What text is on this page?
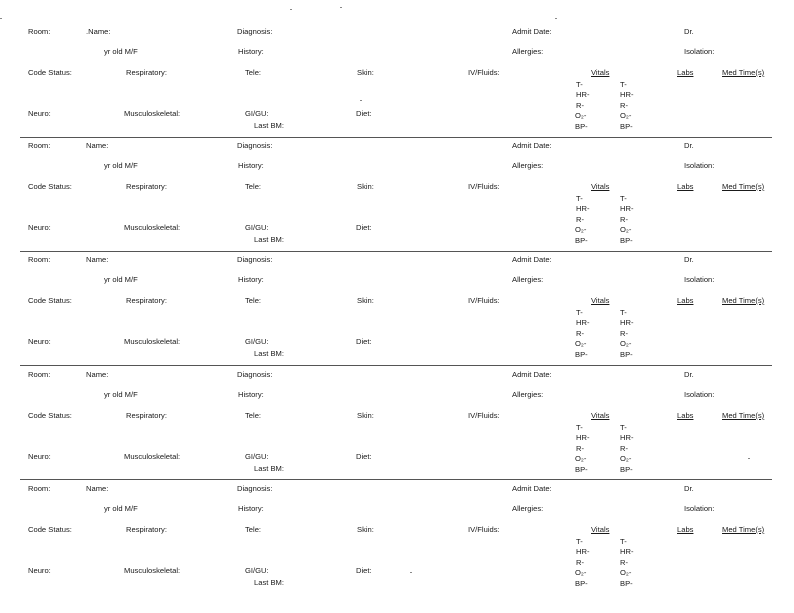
Room:	.Name:	Diagnosis:	Admit Date:	Dr.
yr old M/F	History:	Allergies:	Isolation:
Code Status:	Respiratory:	Tele:	Skin:	IV/Fluids:	Vitals	Labs	Med Time(s)
T-	T-
HR-	HR-
R-	R-
O₂-	O₂-
BP-	BP-
Neuro:	Musculoskeletal:	GI/GU:	Diet:
Last BM:
Room:	Name:	Diagnosis:	Admit Date:	Dr.
yr old M/F	History:	Allergies:	Isolation:
Code Status:	Respiratory:	Tele:	Skin:	IV/Fluids:	Vitals	Labs	Med Time(s)
T-	T-
HR-	HR-
R-	R-
O₂-	O₂-
BP-	BP-
Neuro:	Musculoskeletal:	GI/GU:	Diet:
Last BM:
Room:	Name:	Diagnosis:	Admit Date:	Dr.
yr old M/F	History:	Allergies:	Isolation:
Code Status:	Respiratory:	Tele:	Skin:	IV/Fluids:	Vitals	Labs	Med Time(s)
T-	T-
HR-	HR-
R-	R-
O₂-	O₂-
BP-	BP-
Neuro:	Musculoskeletal:	GI/GU:	Diet:
Last BM:
Room:	Name:	Diagnosis:	Admit Date:	Dr.
yr old M/F	History:	Allergies:	Isolation:
Code Status:	Respiratory:	Tele:	Skin:	IV/Fluids:	Vitals	Labs	Med Time(s)
T-	T-
HR-	HR-
R-	R-
O₂-	O₂-
BP-	BP-
Neuro:	Musculoskeletal:	GI/GU:	Diet:
Last BM:
Room:	Name:	Diagnosis:	Admit Date:	Dr.
yr old M/F	History:	Allergies:	Isolation:
Code Status:	Respiratory:	Tele:	Skin:	IV/Fluids:	Vitals	Labs	Med Time(s)
T-	T-
HR-	HR-
R-	R-
O₂-	O₂-
BP-	BP-
Neuro:	Musculoskeletal:	GI/GU:	Diet:
Last BM:
